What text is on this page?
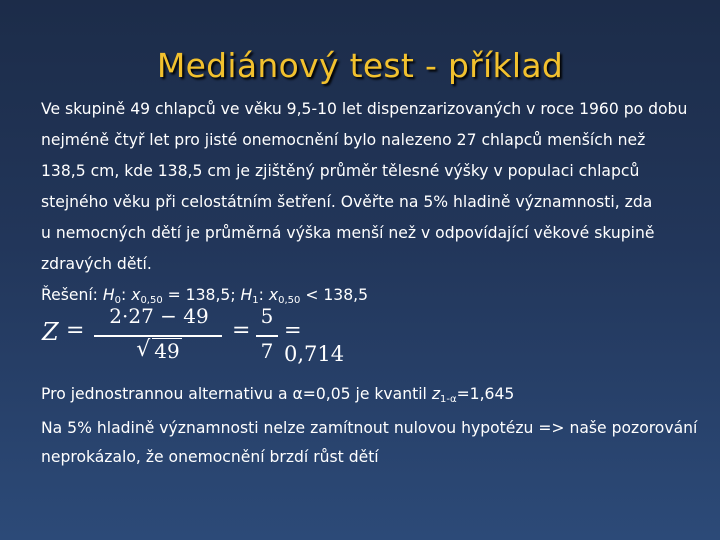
Mediánový test - příklad
Ve skupině 49 chlapců ve věku 9,5-10 let dispenzarizovaných v roce 1960 po dobu
nejméně čtyř let pro jisté onemocnění bylo nalezeno 27 chlapců menších než
138,5 cm, kde 138,5 cm je zjištěný průměr tělesné výšky v populaci chlapců
stejného věku při celostátním šetření. Ověřte na 5% hladině významnosti, zda
u nemocných dětí je průměrná výška menší než v odpovídající věkové skupině
zdravých dětí.
Řešení: $H_0$: $x_{0,50} = 138,5$; $H_1$: $x_{0,50} < 138,5$
Z =
2·27 − 49
√ 49
=
5
7
= 0,714
Pro jednostrannou alternativu a α=0,05 je kvantil $z_{1-\alpha}=1,645$
Na 5% hladině významnosti nelze zamítnout nulovou hypotézu => naše pozorování
neprokázalo, že onemocnění brzdí růst dětí
